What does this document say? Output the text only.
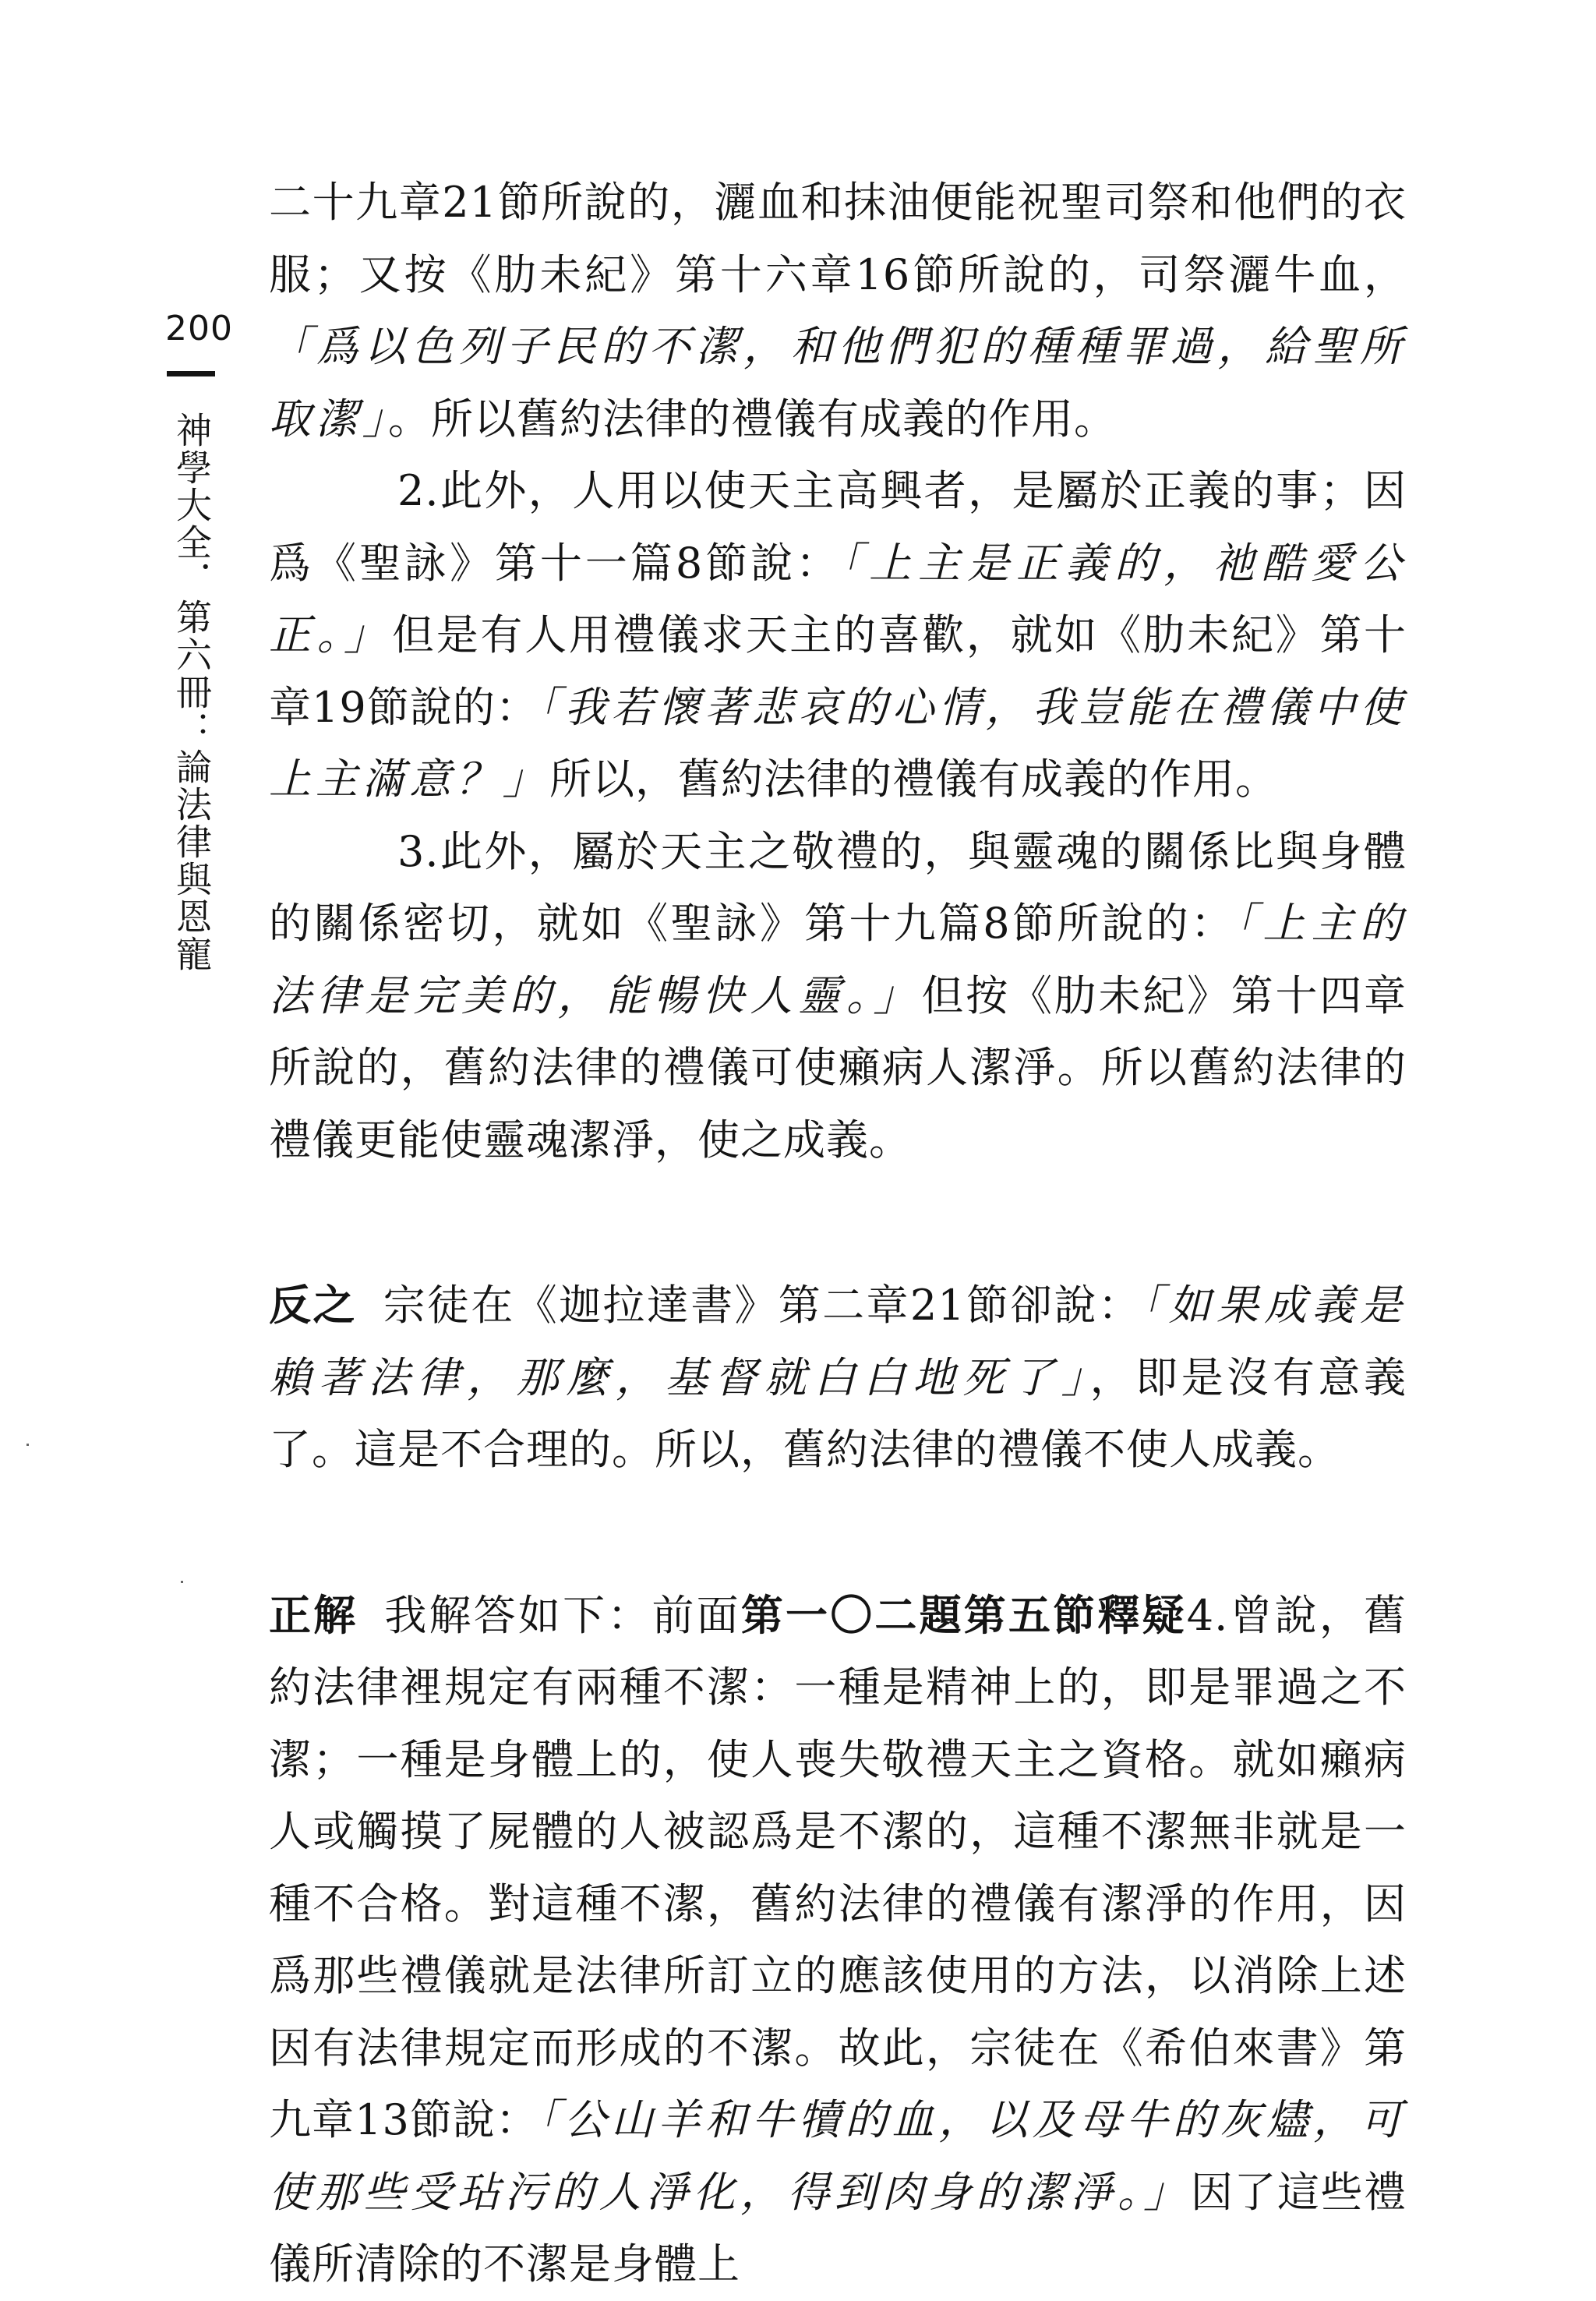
200
神學大全．第六冊：論法律與恩寵

二十九章21節所說的，灑血和抹油便能祝聖司祭和他們的衣服；又按《肋未紀》第十六章16節所說的，司祭灑牛血，「爲以色列子民的不潔，和他們犯的種種罪過，給聖所取潔」。所以舊約法律的禮儀有成義的作用。

2.此外，人用以使天主高興者，是屬於正義的事；因爲《聖詠》第十一篇8節說：「上主是正義的，祂酷愛公正。」但是有人用禮儀求天主的喜歡，就如《肋未紀》第十章19節說的：「我若懷著悲哀的心情，我豈能在禮儀中使上主滿意？」所以，舊約法律的禮儀有成義的作用。

3.此外，屬於天主之敬禮的，與靈魂的關係比與身體的關係密切，就如《聖詠》第十九篇8節所說的：「上主的法律是完美的，能暢快人靈。」但按《肋未紀》第十四章所說的，舊約法律的禮儀可使癩病人潔淨。所以舊約法律的禮儀更能使靈魂潔淨，使之成義。

反之 宗徒在《迦拉達書》第二章21節卻說：「如果成義是賴著法律，那麼，基督就白白地死了」，即是沒有意義了。這是不合理的。所以，舊約法律的禮儀不使人成義。

正解 我解答如下：前面第一〇二題第五節釋疑4.曾說，舊約法律裡規定有兩種不潔：一種是精神上的，即是罪過之不潔；一種是身體上的，使人喪失敬禮天主之資格。就如癩病人或觸摸了屍體的人被認爲是不潔的，這種不潔無非就是一種不合格。對這種不潔，舊約法律的禮儀有潔淨的作用，因爲那些禮儀就是法律所訂立的應該使用的方法，以消除上述因有法律規定而形成的不潔。故此，宗徒在《希伯來書》第九章13節說：「公山羊和牛犢的血，以及母牛的灰燼，可使那些受玷污的人淨化，得到肉身的潔淨。」因了這些禮儀所清除的不潔是身體上
